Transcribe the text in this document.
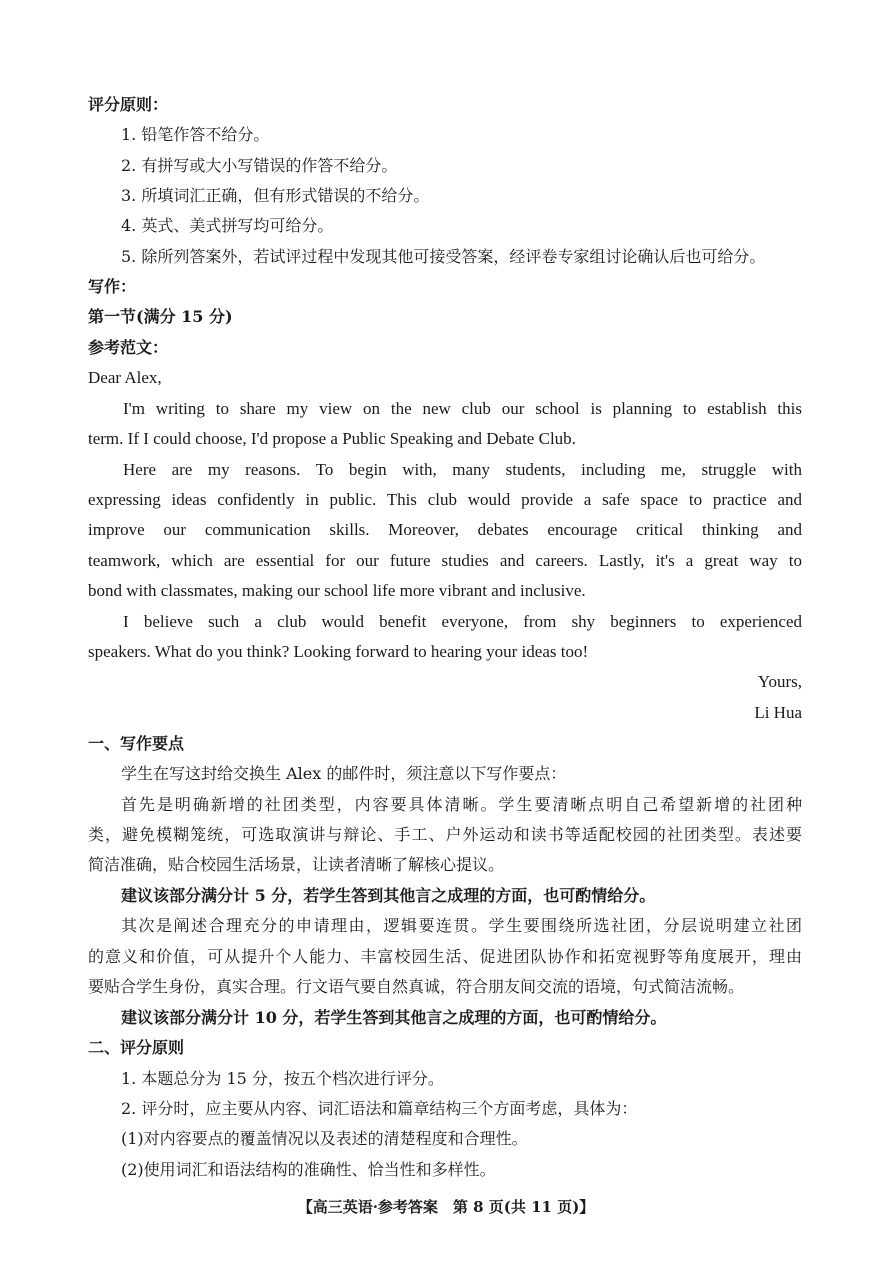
评分原则：
1. 铅笔作答不给分。
2. 有拼写或大小写错误的作答不给分。
3. 所填词汇正确，但有形式错误的不给分。
4. 英式、美式拼写均可给分。
5. 除所列答案外，若试评过程中发现其他可接受答案，经评卷专家组讨论确认后也可给分。
写作：
第一节(满分 15 分)
参考范文：
Dear Alex,
I'm writing to share my view on the new club our school is planning to establish this
term. If I could choose, I'd propose a Public Speaking and Debate Club.
Here are my reasons. To begin with, many students, including me, struggle with
expressing ideas confidently in public. This club would provide a safe space to practice and
improve our communication skills. Moreover, debates encourage critical thinking and
teamwork, which are essential for our future studies and careers. Lastly, it's a great way to
bond with classmates, making our school life more vibrant and inclusive.
I believe such a club would benefit everyone, from shy beginners to experienced
speakers. What do you think? Looking forward to hearing your ideas too!
Yours,
Li Hua
一、写作要点
学生在写这封给交换生 Alex 的邮件时，须注意以下写作要点：
首先是明确新增的社团类型，内容要具体清晰。学生要清晰点明自己希望新增的社团种
类，避免模糊笼统，可选取演讲与辩论、手工、户外运动和读书等适配校园的社团类型。表述要
简洁准确，贴合校园生活场景，让读者清晰了解核心提议。
建议该部分满分计 5 分，若学生答到其他言之成理的方面，也可酌情给分。
其次是阐述合理充分的申请理由，逻辑要连贯。学生要围绕所选社团，分层说明建立社团
的意义和价值，可从提升个人能力、丰富校园生活、促进团队协作和拓宽视野等角度展开，理由
要贴合学生身份，真实合理。行文语气要自然真诚，符合朋友间交流的语境，句式简洁流畅。
建议该部分满分计 10 分，若学生答到其他言之成理的方面，也可酌情给分。
二、评分原则
1. 本题总分为 15 分，按五个档次进行评分。
2. 评分时，应主要从内容、词汇语法和篇章结构三个方面考虑，具体为：
(1)对内容要点的覆盖情况以及表述的清楚程度和合理性。
(2)使用词汇和语法结构的准确性、恰当性和多样性。
【高三英语·参考答案　第 8 页(共 11 页)】
